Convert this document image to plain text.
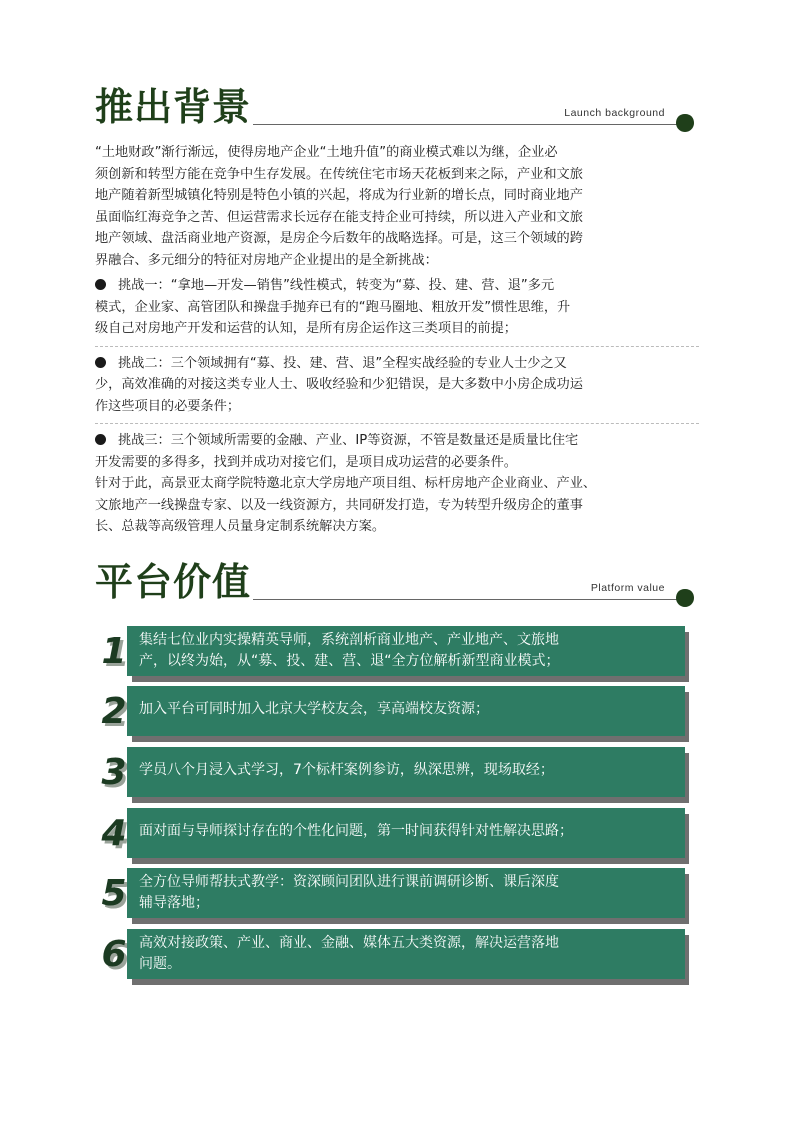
推出背景	Launch background

“土地财政”渐行渐远，使得房地产企业“土地升值”的商业模式难以为继，企业必

须创新和转型方能在竞争中生存发展。在传统住宅市场天花板到来之际，产业和文旅

地产随着新型城镇化特别是特色小镇的兴起，将成为行业新的增长点，同时商业地产

虽面临红海竞争之苦、但运营需求长远存在能支持企业可持续，所以进入产业和文旅

地产领域、盘活商业地产资源，是房企今后数年的战略选择。可是，这三个领域的跨

界融合、多元细分的特征对房地产企业提出的是全新挑战：

挑战一：“拿地—开发—销售”线性模式，转变为“募、投、建、营、退”多元

模式，企业家、高管团队和操盘手抛弃已有的“跑马圈地、粗放开发”惯性思维，升

级自己对房地产开发和运营的认知，是所有房企运作这三类项目的前提；

挑战二：三个领域拥有“募、投、建、营、退”全程实战经验的专业人士少之又

少，高效准确的对接这类专业人士、吸收经验和少犯错误，是大多数中小房企成功运

作这些项目的必要条件；

挑战三：三个领域所需要的金融、产业、IP等资源，不管是数量还是质量比住宅

开发需要的多得多，找到并成功对接它们，是项目成功运营的必要条件。

针对于此，高景亚太商学院特邀北京大学房地产项目组、标杆房地产企业商业、产业、

文旅地产一线操盘专家、以及一线资源方，共同研发打造，专为转型升级房企的董事

长、总裁等高级管理人员量身定制系统解决方案。

平台价值	Platform value
1 集结七位业内实操精英导师，系统剖析商业地产、产业地产、文旅地
产，以终为始，从“募、投、建、营、退“全方位解析新型商业模式；
2 加入平台可同时加入北京大学校友会，享高端校友资源；
3 学员八个月浸入式学习，7个标杆案例参访，纵深思辨，现场取经；
4 面对面与导师探讨存在的个性化问题，第一时间获得针对性解决思路；
5 全方位导师帮扶式教学：资深顾问团队进行课前调研诊断、课后深度
辅导落地；
6 高效对接政策、产业、商业、金融、媒体五大类资源，解决运营落地
问题。
